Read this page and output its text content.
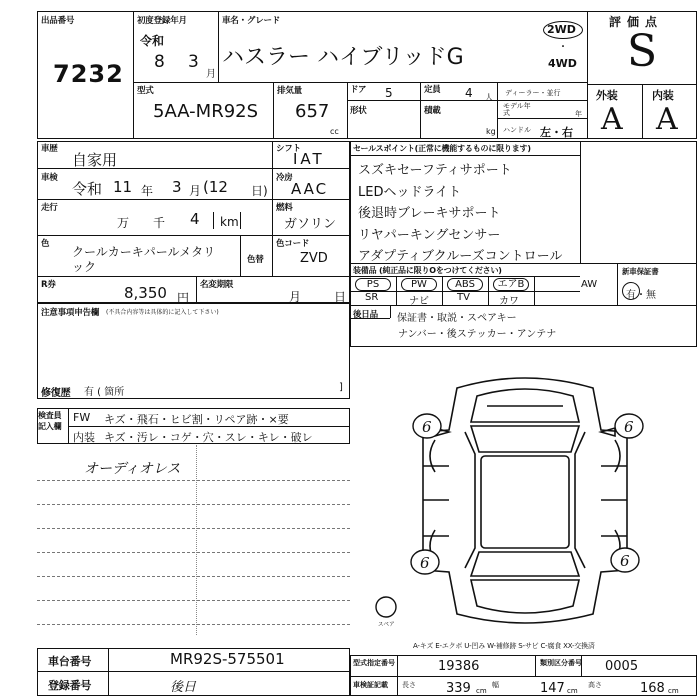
出品番号
7232
初度登録年月
令和
8 3
月
車名・グレード
ハスラー ハイブリッドG
2WD
・
4WD
評価点
S
外装	内装
A A
型式
5AA-MR92S
排気量
657
cc
ドア 5
形状
定員 4 人
積載
kg
ディーラー・並行
モデル年式	年
ハンドル 左・右
車歴
自家用
車検
令和 11 年 3 月 (12 日)
走行
万 千 4 km
色
クールカーキパールメタリ
ック	色替
シフト
IAT
冷房
AAC
燃料
ガソリン
色コード
ZVD
R券	8,350 円
名変期限
月	日
注意事項申告欄 (不具合内容等は具体的に記入して下さい)
修復歴 有 ( 箇所	]
セールスポイント(正常に機能するものに限ります)
スズキセーフティサポート
LEDヘッドライト
後退時ブレーキサポート
リヤパーキングセンサー
アダプティブクルーズコントロール
装備品 (純正品に限りOをつけてください)
PS	PW	ABS	エアB	AW
SR	ナビ	TV	カワ
新車保証書
有・無
後日品 保証書・取説・スペアキー
ナンバー・後ステッカー・アンテナ
検査員記入欄
FW キズ・飛石・ヒビ割・リペア跡・×要
内装 キズ・汚レ・コゲ・穴・スレ・キレ・破レ
オーディオレス
6	6
6	6
スペア
A-キズ E-エクボ U-凹み W-補修跡 S-サビ C-腐食 XX-交換済
車台番号	MR92S-575501
登録番号	後日
型式指定番号	19386	類別区分番号 0005
車検証記載 長さ 339 cm
幅	147 cm
高さ	168 cm
